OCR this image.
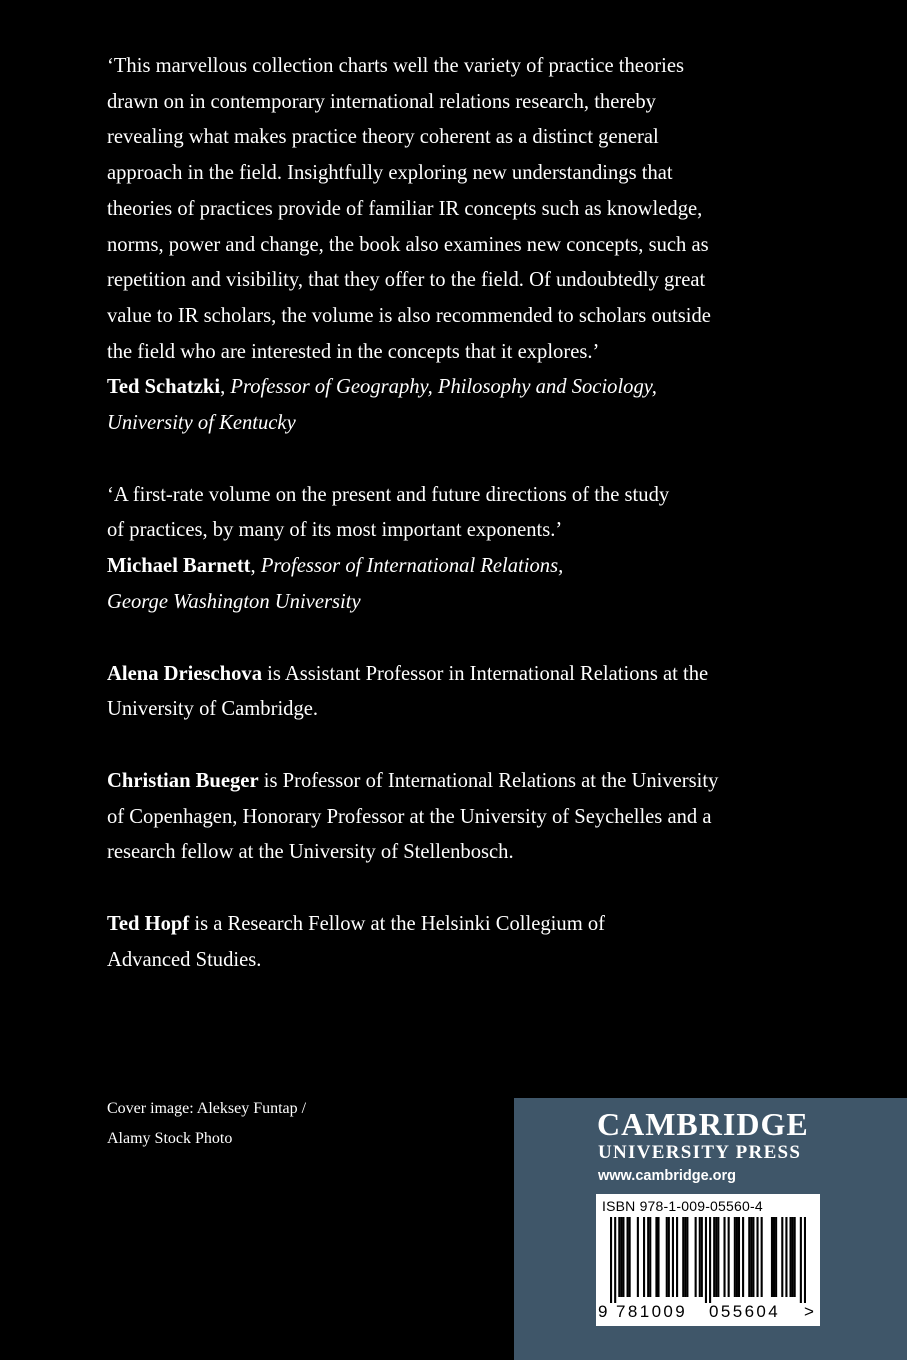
‘This marvellous collection charts well the variety of practice theories
drawn on in contemporary international relations research, thereby
revealing what makes practice theory coherent as a distinct general
approach in the field. Insightfully exploring new understandings that
theories of practices provide of familiar IR concepts such as knowledge,
norms, power and change, the book also examines new concepts, such as
repetition and visibility, that they offer to the field. Of undoubtedly great
value to IR scholars, the volume is also recommended to scholars outside
the field who are interested in the concepts that it explores.’
Ted Schatzki, Professor of Geography, Philosophy and Sociology,
University of Kentucky
‘A first-rate volume on the present and future directions of the study
of practices, by many of its most important exponents.’
Michael Barnett, Professor of International Relations,
George Washington University
Alena Drieschova is Assistant Professor in International Relations at the
University of Cambridge.
Christian Bueger is Professor of International Relations at the University
of Copenhagen, Honorary Professor at the University of Seychelles and a
research fellow at the University of Stellenbosch.
Ted Hopf is a Research Fellow at the Helsinki Collegium of
Advanced Studies.
Cover image: Aleksey Funtap /
Alamy Stock Photo	CAMBRIDGE
UNIVERSITY PRESS
www.cambridge.org
ISBN 978-1-009-05560-4
9 781009 055604 >
